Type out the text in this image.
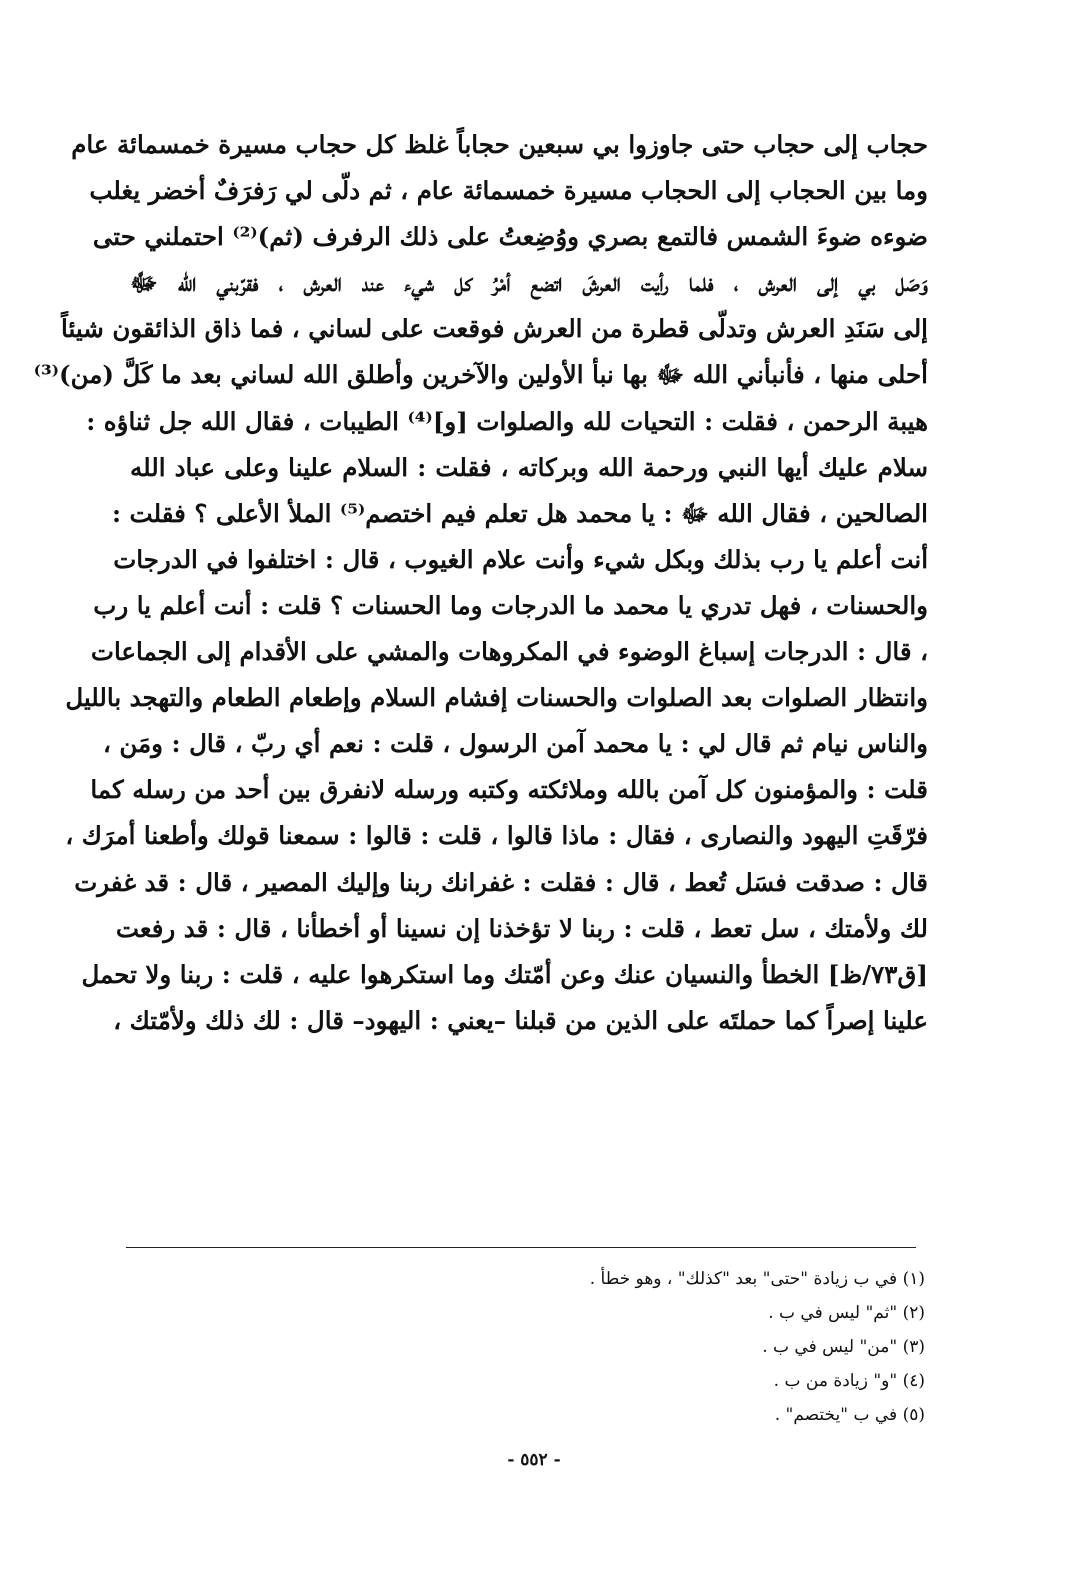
حجاب إلى حجاب حتى جاوزوا بي سبعين حجاباً غلظ كل حجاب مسيرة خمسمائة عام
وما بين الحجاب إلى الحجاب مسيرة خمسمائة عام ، ثم دلّى لي رَفرَفٌ أخضر يغلب
ضوءه ضوءَ الشمس فالتمع بصري ووُضِعتُ على ذلك الرفرف (ثم)⁽²⁾ احتملني حتى
وَصَل بي إلى العرش ، فلما رأيت العرشَ اتضع أمْرُ كل شيء عند العرش ، فقرّبني الله ﷻ
إلى سَنَدِ العرش وتدلّى قطرة من العرش فوقعت على لساني ، فما ذاق الذائقون شيئاً
أحلى منها ، فأنبأني الله ﷻ بها نبأ الأولين والآخرين وأطلق الله لساني بعد ما كَلَّ (من)⁽³⁾
هيبة الرحمن ، فقلت : التحيات لله والصلوات [و]⁽⁴⁾ الطيبات ، فقال الله جل ثناؤه :
سلام عليك أيها النبي ورحمة الله وبركاته ، فقلت : السلام علينا وعلى عباد الله
الصالحين ، فقال الله ﷻ : يا محمد هل تعلم فيم اختصم⁽⁵⁾ الملأ الأعلى ؟ فقلت :
أنت أعلم يا رب بذلك وبكل شيء وأنت علام الغيوب ، قال : اختلفوا في الدرجات
والحسنات ، فهل تدري يا محمد ما الدرجات وما الحسنات ؟ قلت : أنت أعلم يا رب
، قال : الدرجات إسباغ الوضوء في المكروهات والمشي على الأقدام إلى الجماعات
وانتظار الصلوات بعد الصلوات والحسنات إفشام السلام وإطعام الطعام والتهجد بالليل
والناس نيام ثم قال لي : يا محمد آمن الرسول ، قلت : نعم أي ربّ ، قال : ومَن ،
قلت : والمؤمنون كل آمن بالله وملائكته وكتبه ورسله لانفرق بين أحد من رسله كما
فرّقَتِ اليهود والنصارى ، فقال : ماذا قالوا ، قلت : قالوا : سمعنا قولك وأطعنا أمرَك ،
قال : صدقت فسَل تُعط ، قال : فقلت : غفرانك ربنا وإليك المصير ، قال : قد غفرت
لك ولأمتك ، سل تعط ، قلت : ربنا لا تؤخذنا إن نسينا أو أخطأنا ، قال : قد رفعت
[ق٧٣/ظ] الخطأ والنسيان عنك وعن أمّتك وما استكرهوا عليه ، قلت : ربنا ولا تحمل
علينا إصراً كما حملتَه على الذين من قبلنا –يعني : اليهود– قال : لك ذلك ولأمّتك ،
(١) في ب زيادة "حتى" بعد "كذلك" ، وهو خطأ .
(٢) "ثم" ليس في ب .
(٣) "من" ليس في ب .
(٤) "و" زيادة من ب .
(٥) في ب "يختصم" .
- ٥٥٢ -
